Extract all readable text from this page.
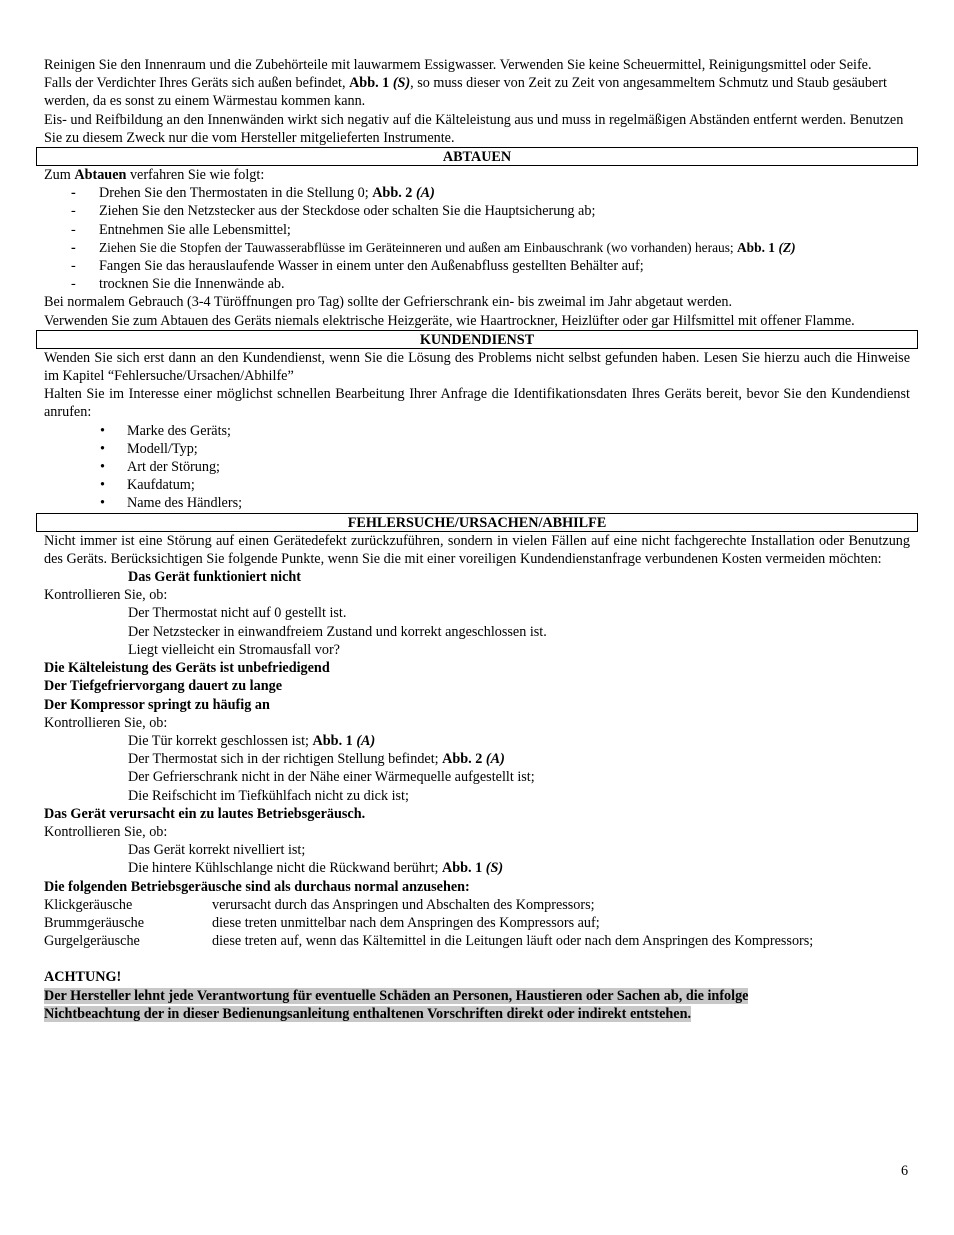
Reinigen Sie den Innenraum und die Zubehörteile mit lauwarmem Essigwasser. Verwenden Sie keine Scheuermittel, Reinigungsmittel oder Seife.

Falls der Verdichter Ihres Geräts sich außen befindet, Abb. 1 (S), so muss dieser von Zeit zu Zeit von angesammeltem Schmutz und Staub gesäubert werden, da es sonst zu einem Wärmestau kommen kann.

Eis- und Reifbildung an den Innenwänden wirkt sich negativ auf die Kälteleistung aus und muss in regelmäßigen Abständen entfernt werden. Benutzen Sie zu diesem Zweck nur die vom Hersteller mitgelieferten Instrumente.

ABTAUEN

Zum Abtauen verfahren Sie wie folgt:

- Drehen Sie den Thermostaten in die Stellung 0; Abb. 2 (A)
- Ziehen Sie den Netzstecker aus der Steckdose oder schalten Sie die Hauptsicherung ab;
- Entnehmen Sie alle Lebensmittel;
- Ziehen Sie die Stopfen der Tauwasserabflüsse im Geräteinneren und außen am Einbauschrank (wo vorhanden) heraus; Abb. 1 (Z)
- Fangen Sie das herauslaufende Wasser in einem unter den Außenabfluss gestellten Behälter auf;
- trocknen Sie die Innenwände ab.

Bei normalem Gebrauch (3-4 Türöffnungen pro Tag) sollte der Gefrierschrank ein- bis zweimal im Jahr abgetaut werden.

Verwenden Sie zum Abtauen des Geräts niemals elektrische Heizgeräte, wie Haartrockner, Heizlüfter oder gar Hilfsmittel mit offener Flamme.

KUNDENDIENST

Wenden Sie sich erst dann an den Kundendienst, wenn Sie die Lösung des Problems nicht selbst gefunden haben. Lesen Sie hierzu auch die Hinweise im Kapitel “Fehlersuche/Ursachen/Abhilfe”

Halten Sie im Interesse einer möglichst schnellen Bearbeitung Ihrer Anfrage die Identifikationsdaten Ihres Geräts bereit, bevor Sie den Kundendienst anrufen:

• Marke des Geräts;
• Modell/Typ;
• Art der Störung;
• Kaufdatum;
• Name des Händlers;
FEHLERSUCHE/URSACHEN/ABHILFE

Nicht immer ist eine Störung auf einen Gerätedefekt zurückzuführen, sondern in vielen Fällen auf eine nicht fachgerechte Installation oder Benutzung des Geräts. Berücksichtigen Sie folgende Punkte, wenn Sie die mit einer voreiligen Kundendienstanfrage verbundenen Kosten vermeiden möchten:

Das Gerät funktioniert nicht

Kontrollieren Sie, ob:

Der Thermostat nicht auf 0 gestellt ist.

Der Netzstecker in einwandfreiem Zustand und korrekt angeschlossen ist.

Liegt vielleicht ein Stromausfall vor?

Die Kälteleistung des Geräts ist unbefriedigend

Der Tiefgefriervorgang dauert zu lange

Der Kompressor springt zu häufig an

Kontrollieren Sie, ob:

Die Tür korrekt geschlossen ist; Abb. 1 (A)

Der Thermostat sich in der richtigen Stellung befindet; Abb. 2 (A)

Der Gefrierschrank nicht in der Nähe einer Wärmequelle aufgestellt ist;

Die Reifschicht im Tiefkühlfach nicht zu dick ist;

Das Gerät verursacht ein zu lautes Betriebsgeräusch.

Kontrollieren Sie, ob:

Das Gerät korrekt nivelliert ist;

Die hintere Kühlschlange nicht die Rückwand berührt; Abb. 1 (S)

Die folgenden Betriebsgeräusche sind als durchaus normal anzusehen:

Klickgeräusche	verursacht durch das Anspringen und Abschalten des Kompressors;
Brummgeräusche	diese treten unmittelbar nach dem Anspringen des Kompressors auf;
Gurgelgeräusche	diese treten auf, wenn das Kältemittel in die Leitungen läuft oder nach dem Anspringen des Kompressors;

ACHTUNG!

Der Hersteller lehnt jede Verantwortung für eventuelle Schäden an Personen, Haustieren oder Sachen ab, die infolge

Nichtbeachtung der in dieser Bedienungsanleitung enthaltenen Vorschriften direkt oder indirekt entstehen.

6
